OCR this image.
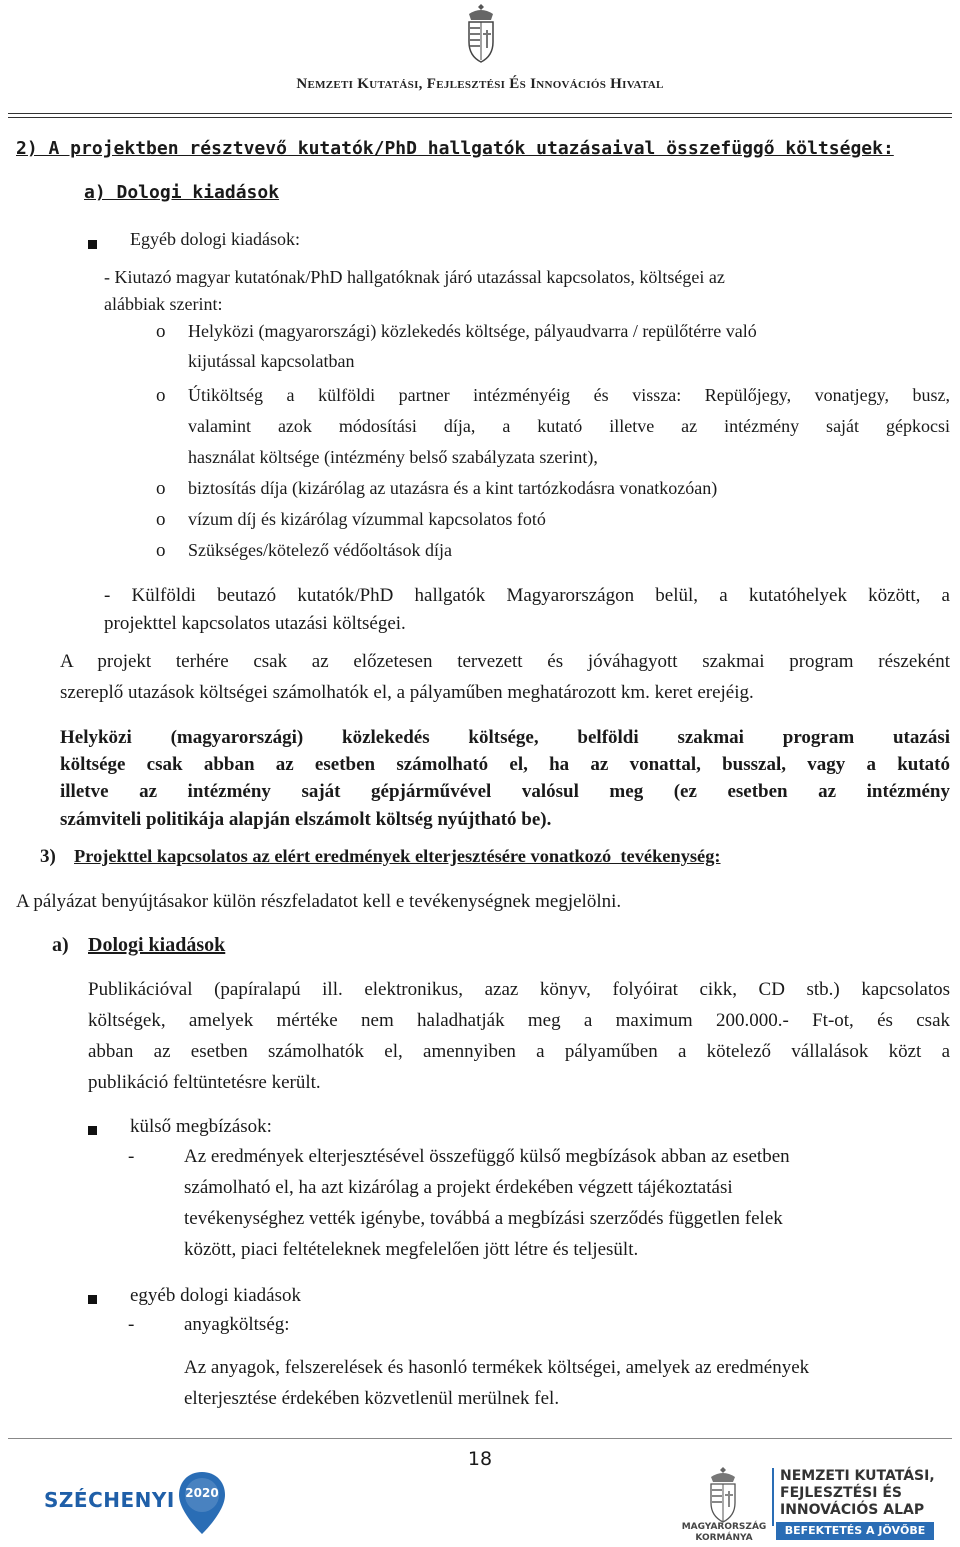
Nemzeti Kutatási, Fejlesztési És Innovációs Hivatal
2) A projektben résztvevő kutatók/PhD hallgatók utazásaival összefüggő költségek:
a) Dologi kiadások
Egyéb dologi kiadások:
- Kiutazó magyar kutatónak/PhD hallgatóknak járó utazással kapcsolatos, költségei az
alábbiak szerint:
o Helyközi (magyarországi) közlekedés költsége, pályaudvarra / repülőtérre való
kijutással kapcsolatban
o Útiköltség a külföldi partner intézményéig és vissza: Repülőjegy, vonatjegy, busz,
valamint azok módosítási díja, a kutató illetve az intézmény saját gépkocsi
használat költsége (intézmény belső szabályzata szerint),
o biztosítás díja (kizárólag az utazásra és a kint tartózkodásra vonatkozóan)
o vízum díj és kizárólag vízummal kapcsolatos fotó
o Szükséges/kötelező védőoltások díja
- Külföldi beutazó kutatók/PhD hallgatók Magyarországon belül, a kutatóhelyek között, a
projekttel kapcsolatos utazási költségei.
A projekt terhére csak az előzetesen tervezett és jóváhagyott szakmai program részeként
szereplő utazások költségei számolhatók el, a pályaműben meghatározott km. keret erejéig.
Helyközi (magyarországi) közlekedés költsége, belföldi szakmai program utazási
költsége csak abban az esetben számolható el, ha az vonattal, busszal, vagy a kutató
illetve az intézmény saját gépjárművével valósul meg (ez esetben az intézmény
számviteli politikája alapján elszámolt költség nyújtható be).
3) Projekttel kapcsolatos az elért eredmények elterjesztésére vonatkozó  tevékenység:
A pályázat benyújtásakor külön részfeladatot kell e tevékenységnek megjelölni.
a) Dologi kiadások
Publikációval (papíralapú ill. elektronikus, azaz könyv, folyóirat cikk, CD stb.) kapcsolatos
költségek, amelyek mértéke nem haladhatják meg a maximum 200.000.- Ft-ot, és csak
abban az esetben számolhatók el, amennyiben a pályaműben a kötelező vállalások közt a
publikáció feltüntetésre került.
külső megbízások:
-	Az eredmények elterjesztésével összefüggő külső megbízások abban az esetben
számolható el, ha azt kizárólag a projekt érdekében végzett tájékoztatási
tevékenységhez vették igénybe, továbbá a megbízási szerződés független felek
között, piaci feltételeknek megfelelően jött létre és teljesült.
egyéb dologi kiadások
-	anyagköltség:
Az anyagok, felszerelések és hasonló termékek költségei, amelyek az eredmények
elterjesztése érdekében közvetlenül merülnek fel.
18
SZÉCHENYI 2020
MAGYARORSZÁG
KORMÁNYA
NEMZETI KUTATÁSI,
FEJLESZTÉSI ÉS
INNOVÁCIÓS ALAP
BEFEKTETÉS A JÖVŐBE
